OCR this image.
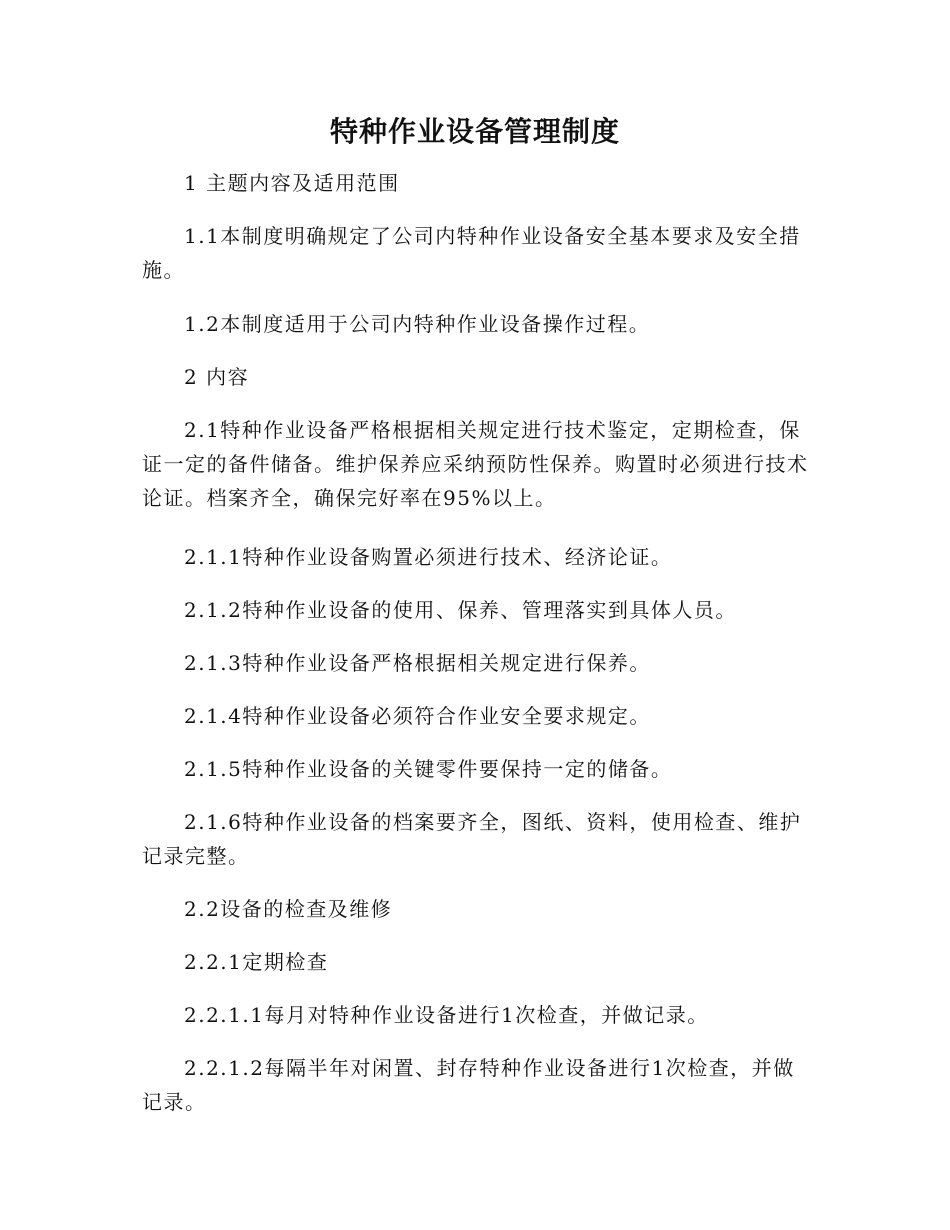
特种作业设备管理制度

1 主题内容及适用范围

1.1本制度明确规定了公司内特种作业设备安全基本要求及安全措施。

1.2本制度适用于公司内特种作业设备操作过程。

2 内容

2.1特种作业设备严格根据相关规定进行技术鉴定，定期检查，保证一定的备件储备。维护保养应采纳预防性保养。购置时必须进行技术论证。档案齐全，确保完好率在95%以上。

2.1.1特种作业设备购置必须进行技术、经济论证。

2.1.2特种作业设备的使用、保养、管理落实到具体人员。

2.1.3特种作业设备严格根据相关规定进行保养。

2.1.4特种作业设备必须符合作业安全要求规定。

2.1.5特种作业设备的关键零件要保持一定的储备。

2.1.6特种作业设备的档案要齐全，图纸、资料，使用检查、维护记录完整。

2.2设备的检查及维修

2.2.1定期检查

2.2.1.1每月对特种作业设备进行1次检查，并做记录。

2.2.1.2每隔半年对闲置、封存特种作业设备进行1次检查，并做记录。
